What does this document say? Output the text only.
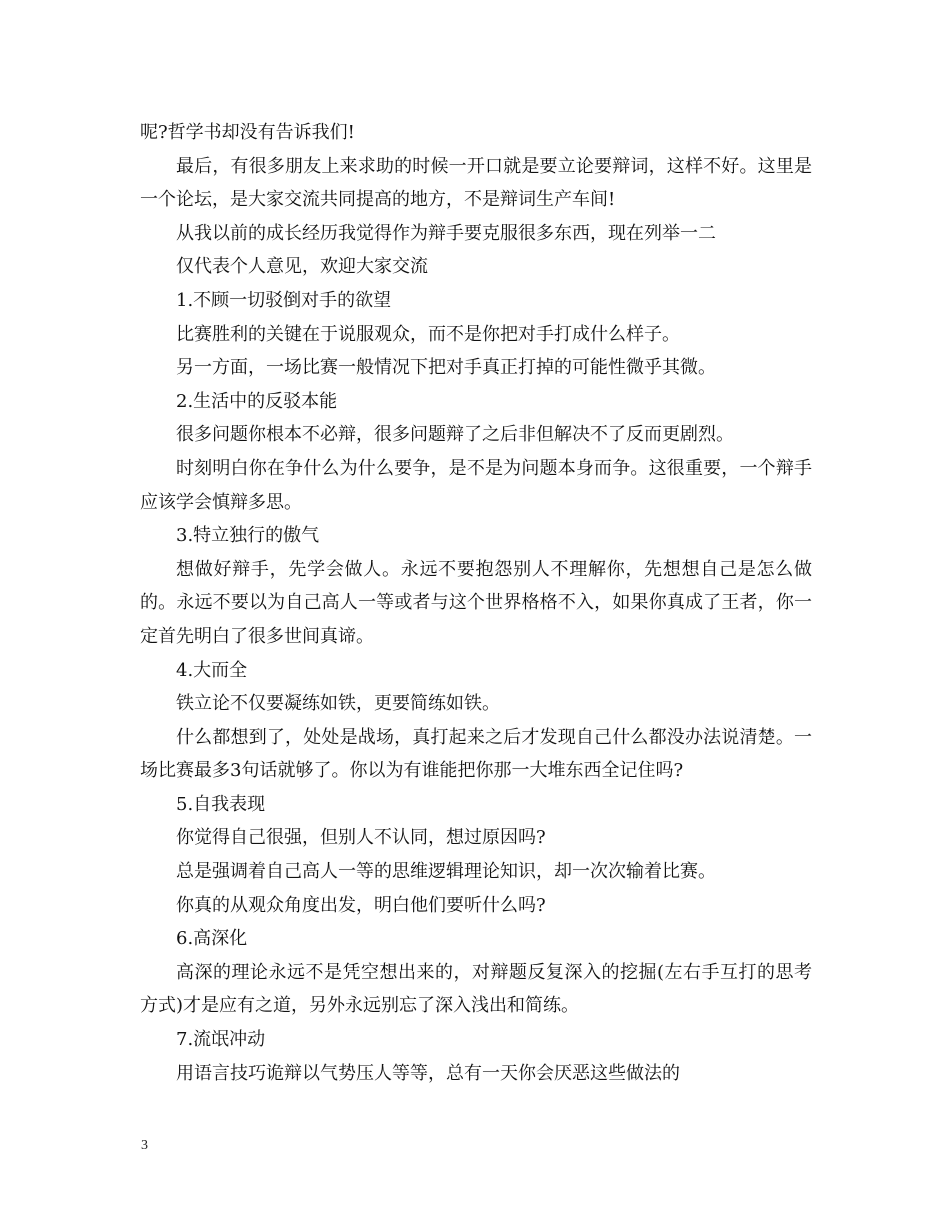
呢?哲学书却没有告诉我们!

最后，有很多朋友上来求助的时候一开口就是要立论要辩词，这样不好。这里是一个论坛，是大家交流共同提高的地方，不是辩词生产车间!

从我以前的成长经历我觉得作为辩手要克服很多东西，现在列举一二

仅代表个人意见，欢迎大家交流

1.不顾一切驳倒对手的欲望

比赛胜利的关键在于说服观众，而不是你把对手打成什么样子。

另一方面，一场比赛一般情况下把对手真正打掉的可能性微乎其微。

2.生活中的反驳本能

很多问题你根本不必辩，很多问题辩了之后非但解决不了反而更剧烈。

时刻明白你在争什么为什么要争，是不是为问题本身而争。这很重要，一个辩手应该学会慎辩多思。

3.特立独行的傲气

想做好辩手，先学会做人。永远不要抱怨别人不理解你，先想想自己是怎么做的。永远不要以为自己高人一等或者与这个世界格格不入，如果你真成了王者，你一定首先明白了很多世间真谛。

4.大而全

铁立论不仅要凝练如铁，更要简练如铁。

什么都想到了，处处是战场，真打起来之后才发现自己什么都没办法说清楚。一场比赛最多3句话就够了。你以为有谁能把你那一大堆东西全记住吗?

5.自我表现

你觉得自己很强，但别人不认同，想过原因吗?

总是强调着自己高人一等的思维逻辑理论知识，却一次次输着比赛。

你真的从观众角度出发，明白他们要听什么吗?

6.高深化

高深的理论永远不是凭空想出来的，对辩题反复深入的挖掘(左右手互打的思考方式)才是应有之道，另外永远别忘了深入浅出和简练。

7.流氓冲动

用语言技巧诡辩以气势压人等等，总有一天你会厌恶这些做法的

3
